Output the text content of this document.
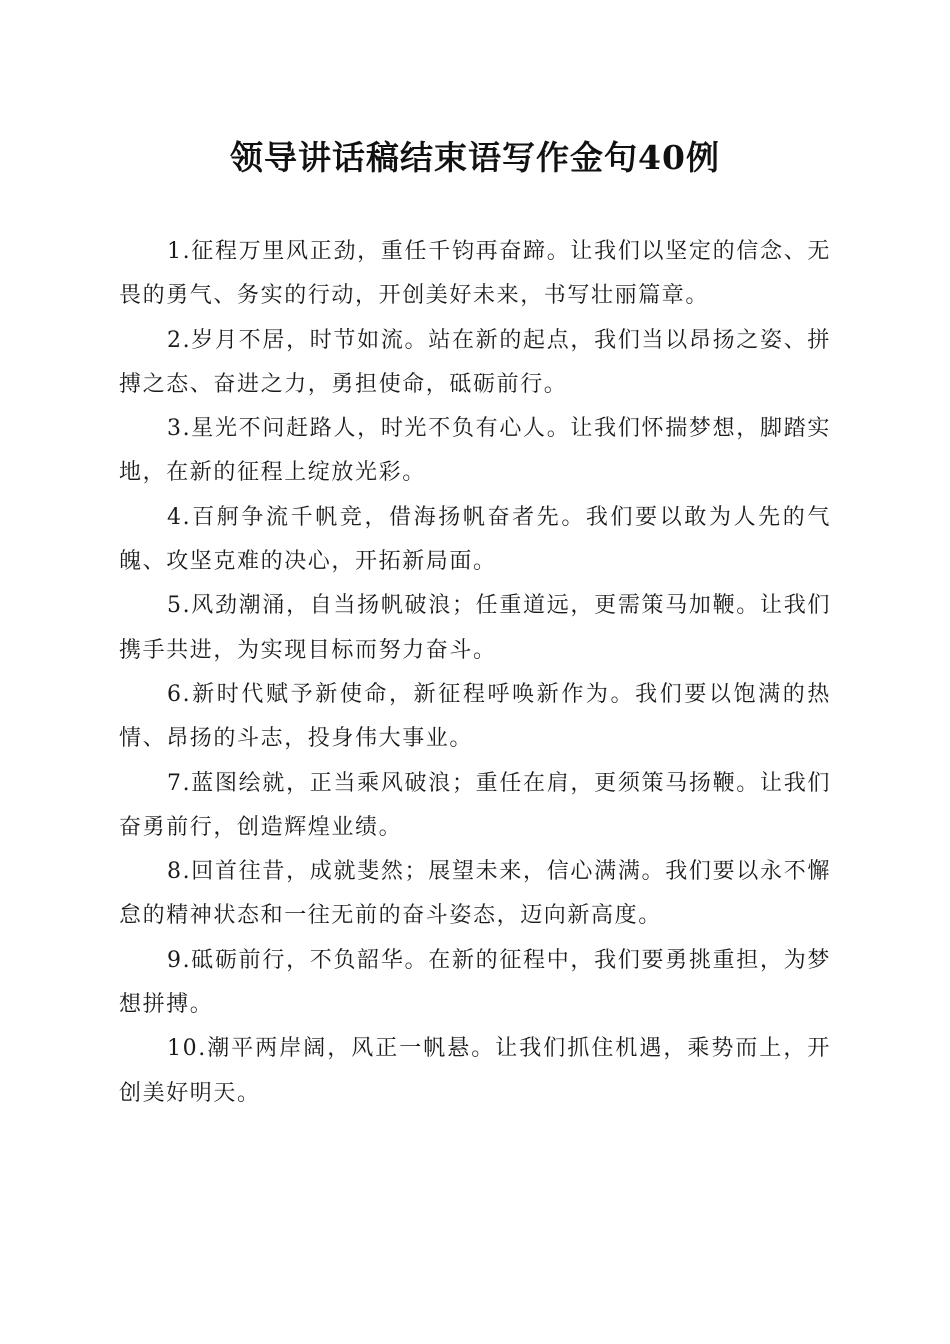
领导讲话稿结束语写作金句40例

1.征程万里风正劲，重任千钧再奋蹄。让我们以坚定的信念、无畏的勇气、务实的行动，开创美好未来，书写壮丽篇章。

2.岁月不居，时节如流。站在新的起点，我们当以昂扬之姿、拼搏之态、奋进之力，勇担使命，砥砺前行。

3.星光不问赶路人，时光不负有心人。让我们怀揣梦想，脚踏实地，在新的征程上绽放光彩。

4.百舸争流千帆竞，借海扬帆奋者先。我们要以敢为人先的气魄、攻坚克难的决心，开拓新局面。

5.风劲潮涌，自当扬帆破浪；任重道远，更需策马加鞭。让我们携手共进，为实现目标而努力奋斗。

6.新时代赋予新使命，新征程呼唤新作为。我们要以饱满的热情、昂扬的斗志，投身伟大事业。

7.蓝图绘就，正当乘风破浪；重任在肩，更须策马扬鞭。让我们奋勇前行，创造辉煌业绩。

8.回首往昔，成就斐然；展望未来，信心满满。我们要以永不懈怠的精神状态和一往无前的奋斗姿态，迈向新高度。

9.砥砺前行，不负韶华。在新的征程中，我们要勇挑重担，为梦想拼搏。

10.潮平两岸阔，风正一帆悬。让我们抓住机遇，乘势而上，开创美好明天。
